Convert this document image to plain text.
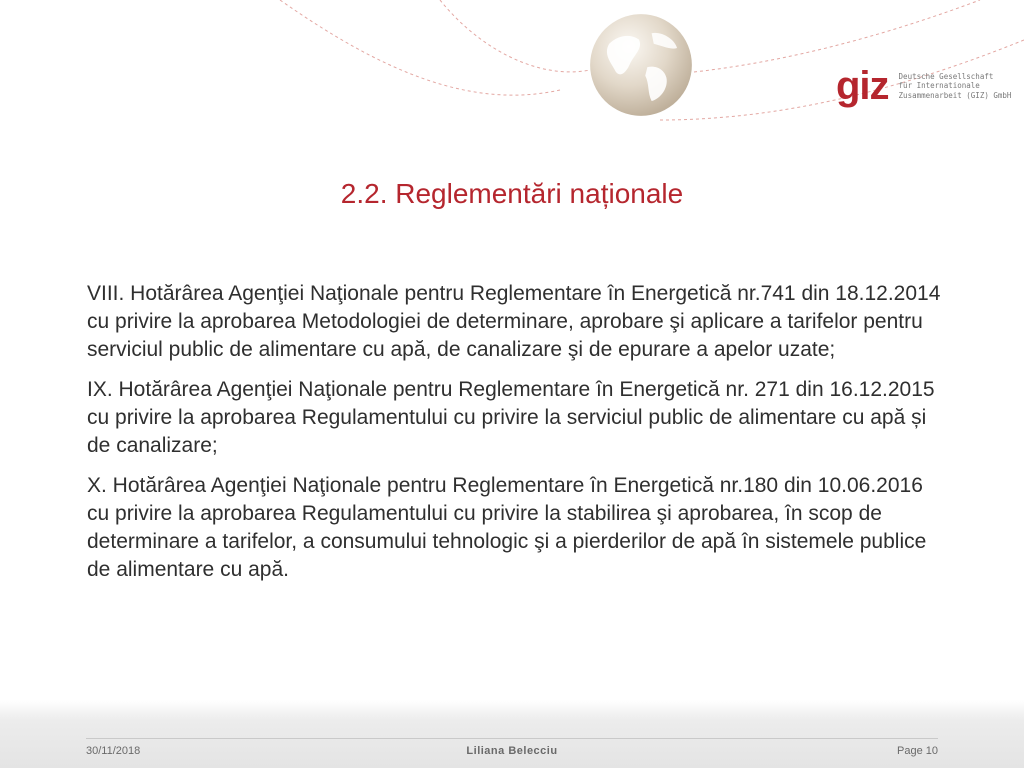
giz Deutsche Gesellschaft
für Internationale
Zusammenarbeit (GIZ) GmbH
2.2. Reglementări naționale

VIII. Hotărârea Agenţiei Naţionale pentru Reglementare în Energetică nr.741 din 18.12.2014 cu privire la aprobarea Metodologiei de determinare, aprobare şi aplicare a tarifelor pentru serviciul public de alimentare cu apă, de canalizare şi de epurare a apelor uzate;

IX. Hotărârea Agenţiei Naţionale pentru Reglementare în Energetică nr. 271 din 16.12.2015 cu privire la aprobarea Regulamentului cu privire la serviciul public de alimentare cu apă și de canalizare;

X. Hotărârea Agenţiei Naţionale pentru Reglementare în Energetică nr.180 din 10.06.2016 cu privire la aprobarea Regulamentului cu privire la stabilirea şi aprobarea, în scop de determinare a tarifelor, a consumului tehnologic şi a pierderilor de apă în sistemele publice de alimentare cu apă.

30/11/2018	Liliana Belecciu	Page 10
